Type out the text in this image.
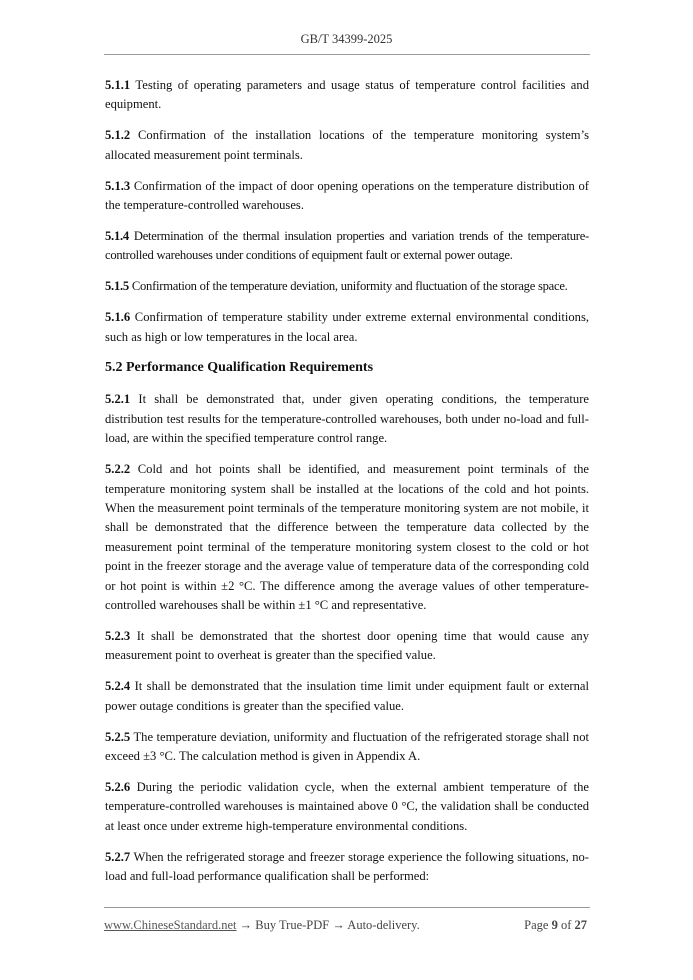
GB/T 34399-2025

5.1.1 Testing of operating parameters and usage status of temperature control facilities and equipment.

5.1.2 Confirmation of the installation locations of the temperature monitoring system’s allocated measurement point terminals.

5.1.3 Confirmation of the impact of door opening operations on the temperature distribution of the temperature-controlled warehouses.

5.1.4 Determination of the thermal insulation properties and variation trends of the temperature-controlled warehouses under conditions of equipment fault or external power outage.

5.1.5 Confirmation of the temperature deviation, uniformity and fluctuation of the storage space.

5.1.6 Confirmation of temperature stability under extreme external environmental conditions, such as high or low temperatures in the local area.

5.2 Performance Qualification Requirements

5.2.1 It shall be demonstrated that, under given operating conditions, the temperature distribution test results for the temperature-controlled warehouses, both under no-load and full-load, are within the specified temperature control range.

5.2.2 Cold and hot points shall be identified, and measurement point terminals of the temperature monitoring system shall be installed at the locations of the cold and hot points. When the measurement point terminals of the temperature monitoring system are not mobile, it shall be demonstrated that the difference between the temperature data collected by the measurement point terminal of the temperature monitoring system closest to the cold or hot point in the freezer storage and the average value of temperature data of the corresponding cold or hot point is within ±2 °C. The difference among the average values of other temperature-controlled warehouses shall be within ±1 °C and representative.

5.2.3 It shall be demonstrated that the shortest door opening time that would cause any measurement point to overheat is greater than the specified value.

5.2.4 It shall be demonstrated that the insulation time limit under equipment fault or external power outage conditions is greater than the specified value.

5.2.5 The temperature deviation, uniformity and fluctuation of the refrigerated storage shall not exceed ±3 °C. The calculation method is given in Appendix A.

5.2.6 During the periodic validation cycle, when the external ambient temperature of the temperature-controlled warehouses is maintained above 0 °C, the validation shall be conducted at least once under extreme high-temperature environmental conditions.

5.2.7 When the refrigerated storage and freezer storage experience the following situations, no-load and full-load performance qualification shall be performed:

www.ChineseStandard.net → Buy True-PDF → Auto-delivery.	Page 9 of 27
